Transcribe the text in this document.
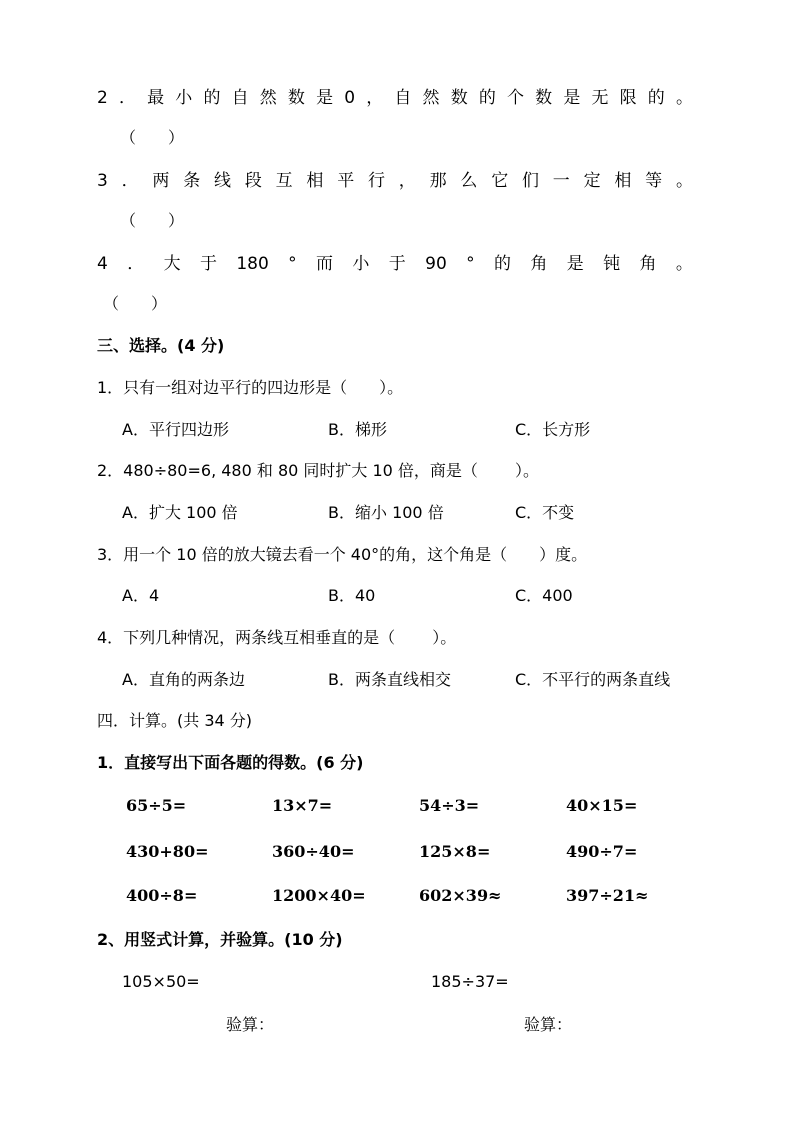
2 ． 最 小 的 自 然 数 是 0 ， 自 然 数 的 个 数 是 无 限 的 。
（　　）
3 ． 两 条 线 段 互 相 平 行 ， 那 么 它 们 一 定 相 等 。
（　　）
4 ． 大 于 180 ° 而 小 于 90 ° 的 角 是 钝 角 。
（　　）
三、选择。(4 分)
1．只有一组对边平行的四边形是（　　）。
A．平行四边形	B．梯形	C．长方形
2．480÷80=6, 480 和 80 同时扩大 10 倍，商是（　　 ）。
A．扩大 100 倍	B．缩小 100 倍	C．不变
3．用一个 10 倍的放大镜去看一个 40°的角，这个角是（　　）度。
A．4	B．40	C．400
4．下列几种情况，两条线互相垂直的是（　　 ）。
A．直角的两条边	B．两条直线相交	C．不平行的两条直线
四．计算。(共 34 分)
1．直接写出下面各题的得数。(6 分)
65÷5=	13×7=	54÷3=	40×15=
430+80=	360÷40=	125×8=	490÷7=
400÷8=	1200×40=	602×39≈	397÷21≈
2、用竖式计算，并验算。(10 分)
105×50=	185÷37=
验算：	验算：
